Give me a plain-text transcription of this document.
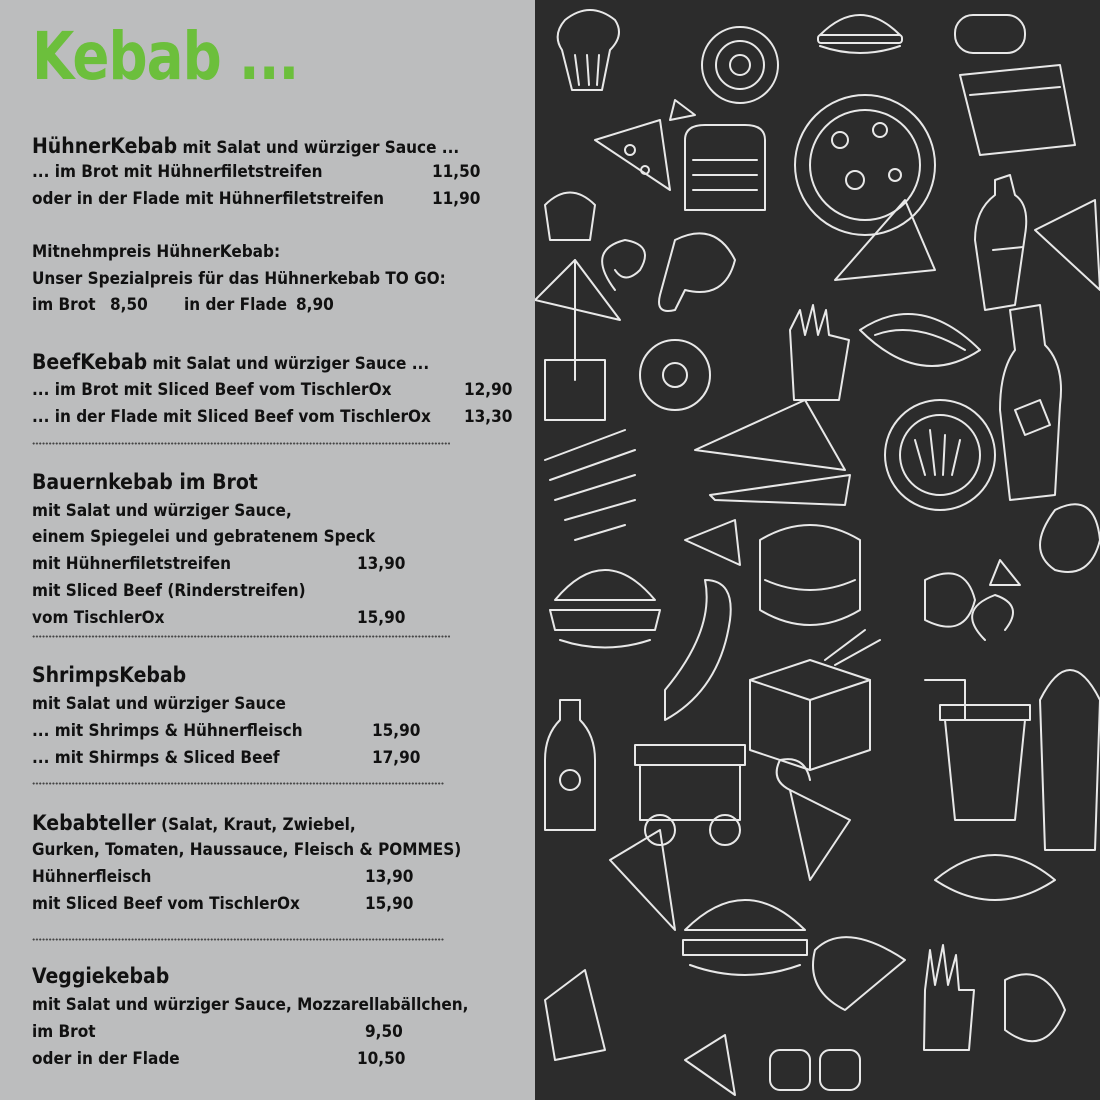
Kebab ...
HühnerKebab mit Salat und würziger Sauce ...
... im Brot mit Hühnerfiletstreifen	11,50
oder in der Flade mit Hühnerfiletstreifen	11,90
Mitnehmpreis HühnerKebab:
Unser Spezialpreis für das Hühnerkebab TO GO:
im Brot 8,50 in der Flade 8,90
BeefKebab mit Salat und würziger Sauce ...
... im Brot mit Sliced Beef vom TischlerOx	12,90
... in der Flade mit Sliced Beef vom TischlerOx 13,30
Bauernkebab im Brot
mit Salat und würziger Sauce,
einem Spiegelei und gebratenem Speck
mit Hühnerfiletstreifen	13,90
mit Sliced Beef (Rinderstreifen)
vom TischlerOx	15,90
ShrimpsKebab
mit Salat und würziger Sauce
... mit Shrimps & Hühnerfleisch	15,90
... mit Shirmps & Sliced Beef	17,90
Kebabteller (Salat, Kraut, Zwiebel,
Gurken, Tomaten, Haussauce, Fleisch & POMMES)
Hühnerfleisch	13,90
mit Sliced Beef vom TischlerOx	15,90
Veggiekebab
mit Salat und würziger Sauce, Mozzarellabällchen,
im Brot	9,50
oder in der Flade	10,50
